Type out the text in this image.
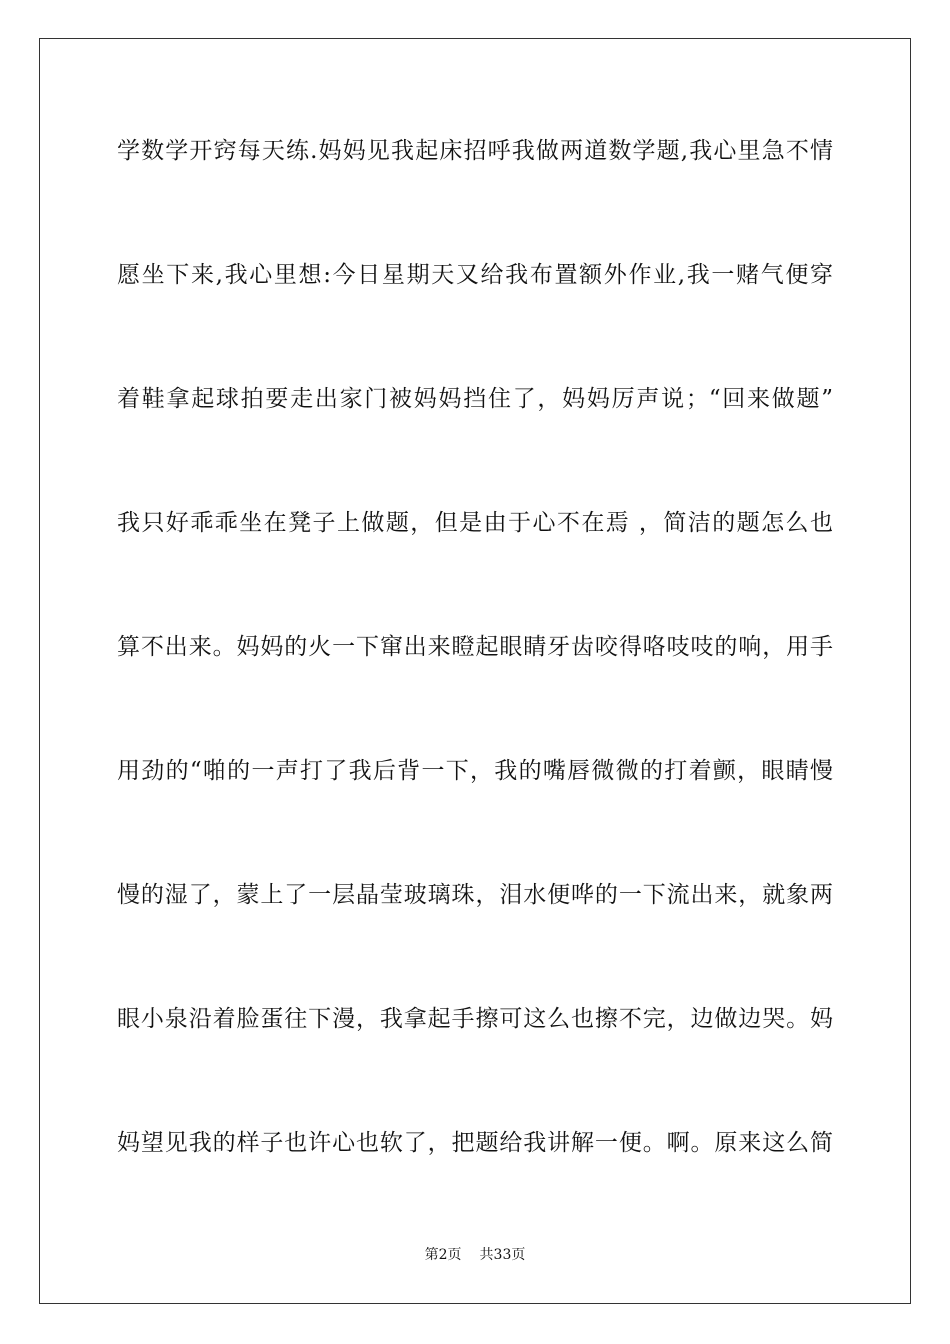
学数学开窍每天练.妈妈见我起床招呼我做两道数学题,我心里急不情
愿坐下来,我心里想:今日星期天又给我布置额外作业,我一赌气便穿
着鞋拿起球拍要走出家门被妈妈挡住了，妈妈厉声说；“回来做题”
我只好乖乖坐在凳子上做题，但是由于心不在焉 ，简洁的题怎么也
算不出来。妈妈的火一下窜出来瞪起眼睛牙齿咬得咯吱吱的响，用手
用劲的“啪的一声打了我后背一下，我的嘴唇微微的打着颤，眼睛慢
慢的湿了，蒙上了一层晶莹玻璃珠，泪水便哗的一下流出来，就象两
眼小泉沿着脸蛋往下漫，我拿起手擦可这么也擦不完，边做边哭。妈
妈望见我的样子也许心也软了，把题给我讲解一便。啊。原来这么简
第2页 共33页
